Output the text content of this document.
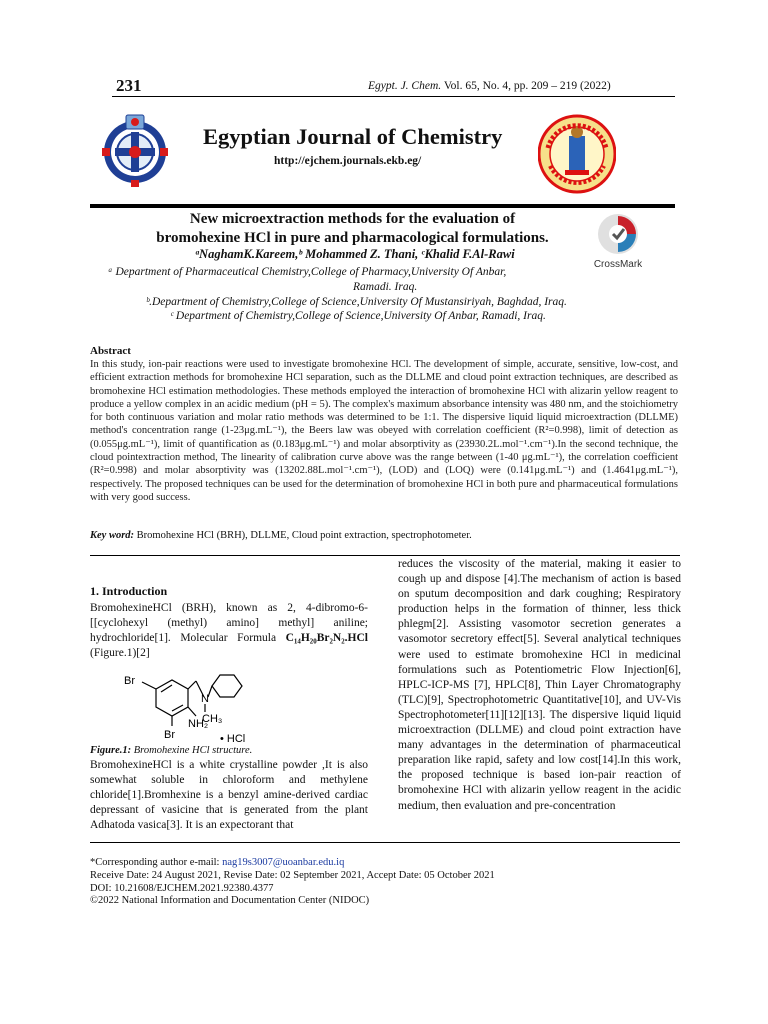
231	Egypt. J. Chem. Vol. 65, No. 4, pp. 209 – 219 (2022)
Egyptian Journal of Chemistry
http://ejchem.journals.ekb.eg/
New microextraction methods for the evaluation of
bromohexine HCl in pure and pharmacological formulations.
CrossMark
ᵃNaghamK.Kareem,ᵇ Mohammed Z. Thani, ᶜKhalid F.Al-Rawi
ᵃ Department of Pharmaceutical Chemistry,College of Pharmacy,University Of Anbar,
Ramadi. Iraq.
ᵇ.Department of Chemistry,College of Science,University Of Mustansiriyah, Baghdad, Iraq.
ᶜ Department of Chemistry,College of Science,University Of Anbar, Ramadi, Iraq.
Abstract
In this study, ion-pair reactions were used to investigate bromohexine HCl. The development of simple, accurate, sensitive, low-cost, and efficient extraction methods for bromohexine HCl separation, such as the DLLME and cloud point extraction techniques, are described as bromohexine HCl estimation methodologies. These methods employed the interaction of bromohexine HCl with alizarin yellow reagent to produce a yellow complex in an acidic medium (pH = 5). The complex's maximum absorbance intensity was 480 nm, and the stoichiometry for both continuous variation and molar ratio methods was determined to be 1:1. The dispersive liquid liquid microextraction (DLLME) method's concentration range (1-23μg.mL⁻¹), the Beers law was obeyed with correlation coefficient (R²=0.998), limit of detection as (0.055μg.mL⁻¹), limit of quantification as (0.183μg.mL⁻¹) and molar absorptivity as (23930.2L.mol⁻¹.cm⁻¹).In the second technique, the cloud pointextraction method, The linearity of calibration curve above was the range between (1-40 μg.mL⁻¹), the correlation coefficient (R²=0.998) and molar absorptivity was (13202.88L.mol⁻¹.cm⁻¹), (LOD) and (LOQ) were (0.141μg.mL⁻¹) and (1.4641μg.mL⁻¹), respectively. The proposed techniques can be used for the determination of bromohexine HCl in both pure and pharmaceutical formulations with very good success.
Key word: Bromohexine HCl (BRH), DLLME, Cloud point extraction, spectrophotometer.
1. Introduction
BromohexineHCl (BRH), known as 2, 4-dibromo-6-[[cyclohexyl (methyl) amino] methyl] aniline; hydrochloride[1]. Molecular Formula C₁₄H₂₀Br₂N₂.HCl (Figure.1)[2]
Br
Br
N
CH₃
NH₂
• HCl
Figure.1: Bromohexine HCl structure.
BromohexineHCl is a white crystalline powder ,It is also somewhat soluble in chloroform and methylene chloride[1].Bromhexine is a benzyl amine-derived cardiac depressant of vasicine that is generated from the plant Adhatoda vasica[3]. It is an expectorant that
reduces the viscosity of the material, making it easier to cough up and dispose [4].The mechanism of action is based on sputum decomposition and dark coughing; Respiratory production helps in the formation of thinner, less thick phlegm[2]. Assisting vasomotor secretion generates a vasomotor secretory effect[5]. Several analytical techniques were used to estimate bromohexine HCl in medicinal formulations such as Potentiometric Flow Injection[6], HPLC-ICP-MS [7], HPLC[8], Thin Layer Chromatography (TLC)[9], Spectrophotometric Quantitative[10], and UV-Vis Spectrophotometer[11][12][13]. The dispersive liquid liquid microextraction (DLLME) and cloud point extraction have many advantages in the determination of pharmaceutical preparation like rapid, safety and low cost[14].In this work, the proposed technique is based ion-pair reaction of bromohexine HCl with alizarin yellow reagent in the acidic medium, then evaluation and pre-concentration
*Corresponding author e-mail: nag19s3007@uoanbar.edu.iq
Receive Date: 24 August 2021, Revise Date: 02 September 2021, Accept Date: 05 October 2021
DOI: 10.21608/EJCHEM.2021.92380.4377
©2022 National Information and Documentation Center (NIDOC)
